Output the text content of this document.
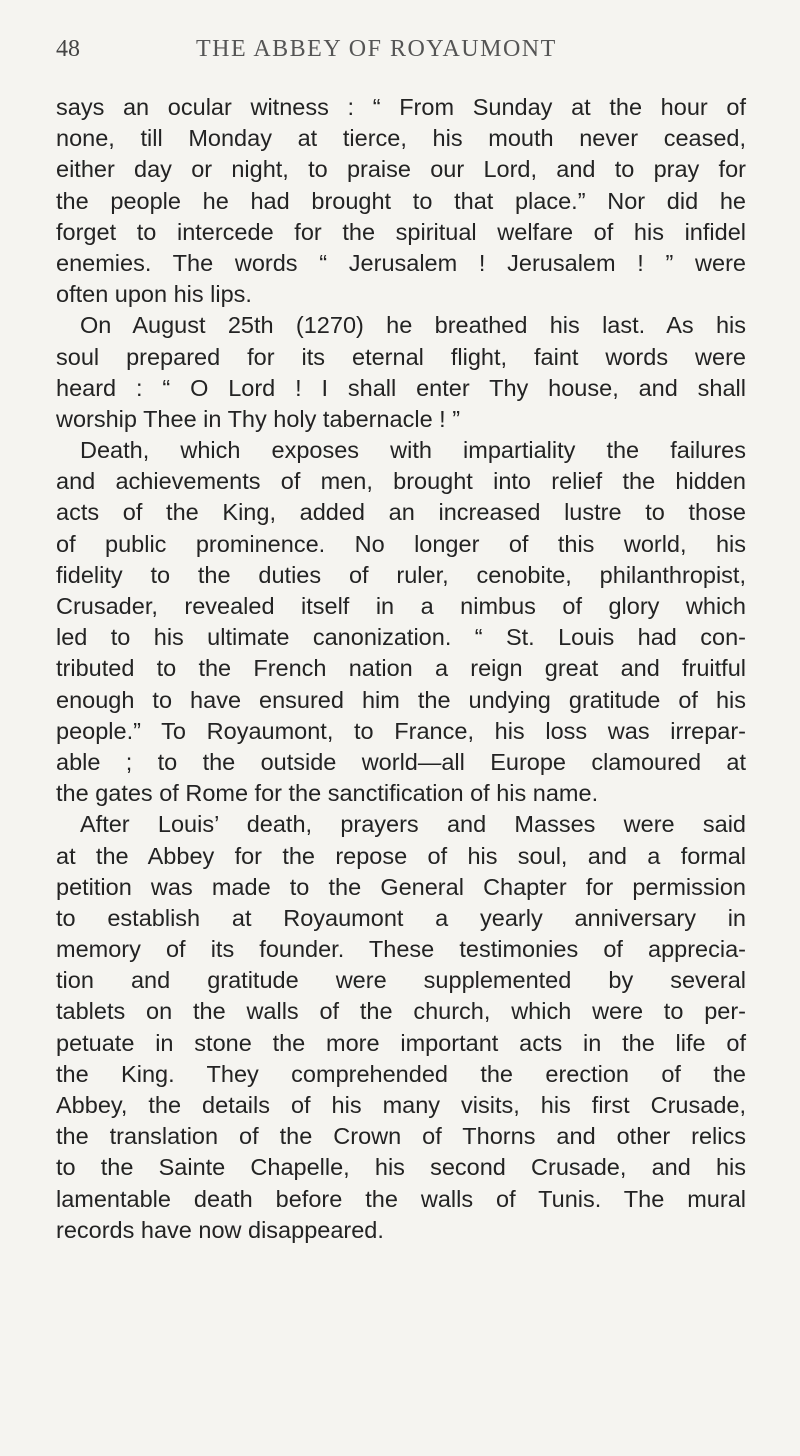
48	THE ABBEY OF ROYAUMONT
says an ocular witness : “ From Sunday at the hour of
none, till Monday at tierce, his mouth never ceased,
either day or night, to praise our Lord, and to pray for
the people he had brought to that place.” Nor did he
forget to intercede for the spiritual welfare of his infidel
enemies. The words “ Jerusalem ! Jerusalem ! ” were
often upon his lips.
On August 25th (1270) he breathed his last. As his
soul prepared for its eternal flight, faint words were
heard : “ O Lord ! I shall enter Thy house, and shall
worship Thee in Thy holy tabernacle ! ”
Death, which exposes with impartiality the failures
and achievements of men, brought into relief the hidden
acts of the King, added an increased lustre to those
of public prominence. No longer of this world, his
fidelity to the duties of ruler, cenobite, philanthropist,
Crusader, revealed itself in a nimbus of glory which
led to his ultimate canonization. “ St. Louis had con-
tributed to the French nation a reign great and fruitful
enough to have ensured him the undying gratitude of his
people.” To Royaumont, to France, his loss was irrepar-
able ; to the outside world—all Europe clamoured at
the gates of Rome for the sanctification of his name.
After Louis’ death, prayers and Masses were said
at the Abbey for the repose of his soul, and a formal
petition was made to the General Chapter for permission
to establish at Royaumont a yearly anniversary in
memory of its founder. These testimonies of apprecia-
tion and gratitude were supplemented by several
tablets on the walls of the church, which were to per-
petuate in stone the more important acts in the life of
the King. They comprehended the erection of the
Abbey, the details of his many visits, his first Crusade,
the translation of the Crown of Thorns and other relics
to the Sainte Chapelle, his second Crusade, and his
lamentable death before the walls of Tunis. The mural
records have now disappeared.
